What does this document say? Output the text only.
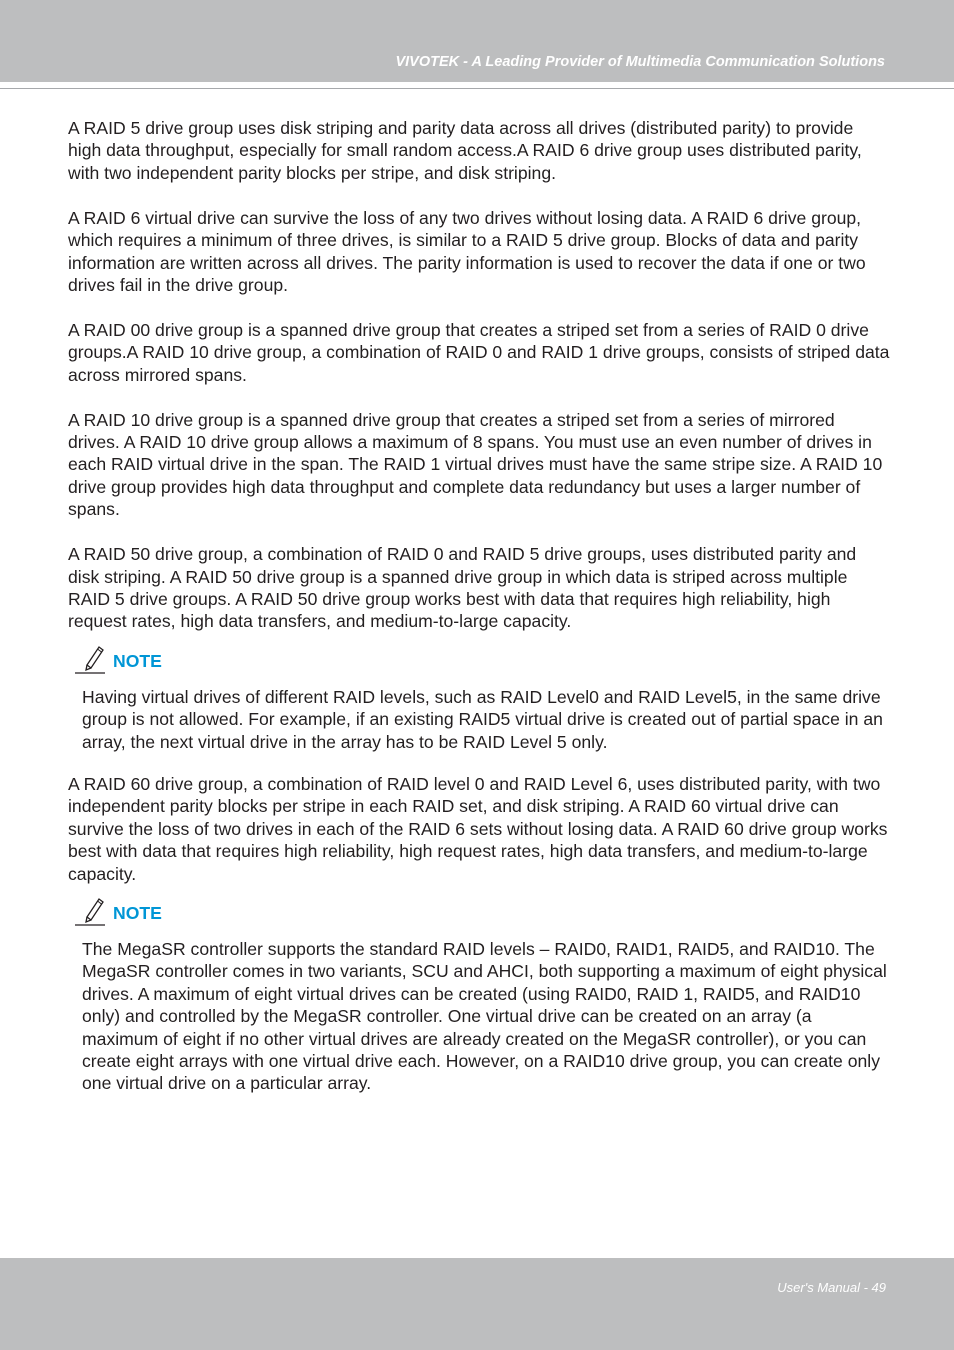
VIVOTEK - A Leading Provider of Multimedia Communication Solutions

A RAID 5 drive group uses disk striping and parity data across all drives (distributed parity) to provide high data throughput, especially for small random access.A RAID 6 drive group uses distributed parity, with two independent parity blocks per stripe, and disk striping.

A RAID 6 virtual drive can survive the loss of any two drives without losing data. A RAID 6 drive group, which requires a minimum of three drives, is similar to a RAID 5 drive group. Blocks of data and parity information are written across all drives. The parity information is used to recover the data if one or two drives fail in the drive group.

A RAID 00 drive group is a spanned drive group that creates a striped set from a series of RAID 0 drive groups.A RAID 10 drive group, a combination of RAID 0 and RAID 1 drive groups, consists of striped data across mirrored spans.

A RAID 10 drive group is a spanned drive group that creates a striped set from a series of mirrored drives. A RAID 10 drive group allows a maximum of 8 spans. You must use an even number of drives in each RAID virtual drive in the span. The RAID 1 virtual drives must have the same stripe size. A RAID 10 drive group provides high data throughput and complete data redundancy but uses a larger number of spans.

A RAID 50 drive group, a combination of RAID 0 and RAID 5 drive groups, uses distributed parity and disk striping. A RAID 50 drive group is a spanned drive group in which data is striped across multiple RAID 5 drive groups. A RAID 50 drive group works best with data that requires high reliability, high request rates, high data transfers, and medium-to-large capacity.

NOTE

Having virtual drives of different RAID levels, such as RAID Level0 and RAID Level5, in the same drive group is not allowed. For example, if an existing RAID5 virtual drive is created out of partial space in an array, the next virtual drive in the array has to be RAID Level 5 only.

A RAID 60 drive group, a combination of RAID level 0 and RAID Level 6, uses distributed parity, with two independent parity blocks per stripe in each RAID set, and disk striping. A RAID 60 virtual drive can survive the loss of two drives in each of the RAID 6 sets without losing data. A RAID 60 drive group works best with data that requires high reliability, high request rates, high data transfers, and medium-to-large capacity.

NOTE

The MegaSR controller supports the standard RAID levels – RAID0, RAID1, RAID5, and RAID10. The MegaSR controller comes in two variants, SCU and AHCI, both supporting a maximum of eight physical drives. A maximum of eight virtual drives can be created (using RAID0, RAID 1, RAID5, and RAID10 only) and controlled by the MegaSR controller. One virtual drive can be created on an array (a maximum of eight if no other virtual drives are already created on the MegaSR controller), or you can create eight arrays with one virtual drive each. However, on a RAID10 drive group, you can create only one virtual drive on a particular array.

User's Manual - 49
